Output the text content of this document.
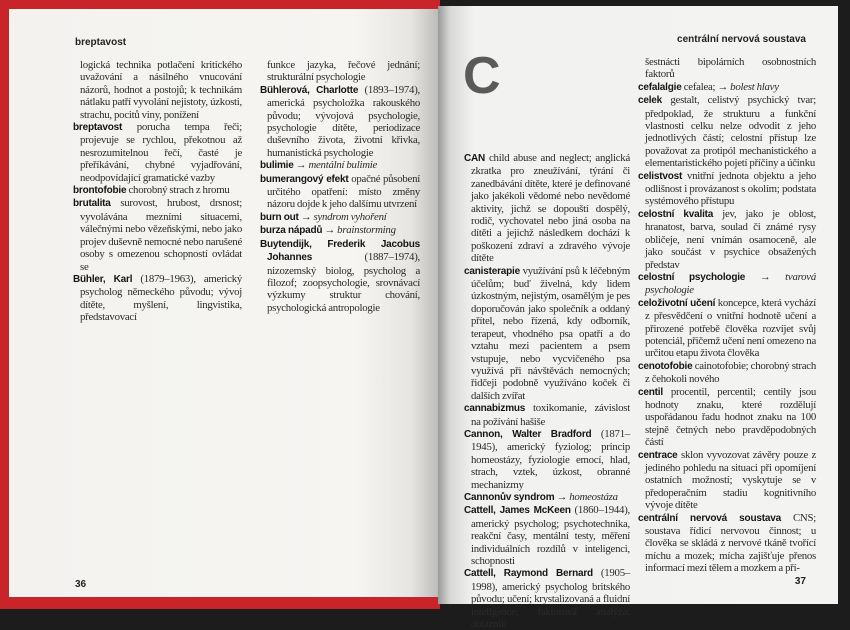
breptavost

logická technika potlačení kritického uvažování a násilného vnucování názorů, hodnot a postojů; k technikám nátlaku patří vyvolání nejistoty, úzkosti, strachu, pocitů viny, ponížení

breptavost porucha tempa řeči; projevuje se rychlou, překotnou až nesrozumitelnou řečí, časté je přeříkávání, chybné vyjadřování, neodpovídající gramatické vazby

brontofobie chorobný strach z hromu

brutalita surovost, hrubost, drsnost; vyvolávána mezními situacemi, válečnými nebo vězeňskými, nebo jako projev duševně nemocné nebo narušené osoby s omezenou schopností ovládat se

Bühler, Karl (1879–1963), americký psycholog německého původu; vývoj dítěte, myšlení, lingvistika, představovací

funkce jazyka, řečové jednání; strukturální psychologie

Bühlerová, Charlotte (1893–1974), americká psycholožka rakouského původu; vývojová psychologie, psychologie dítěte, periodizace duševního života, životní křivka, humanistická psychologie

bulimie → mentální bulimie

bumerangový efekt opačné působení určitého opatření: místo změny názoru dojde k jeho dalšímu utvrzení

burn out → syndrom vyhoření

burza nápadů → brainstorming

Buytendijk, Frederik Jacobus Johannes	(1887–1974), nizozemský biolog, psycholog a filozof; zoopsychologie, srovnávací výzkumy struktur chování, psychologická antropologie

36
C
centrální nervová soustava

CAN child abuse and neglect; anglická zkratka pro zneužívání, týrání či zanedbávání dítěte, které je definované jako jakékoli vědomé nebo nevědomé aktivity, jichž se dopouští dospělý, rodič, vychovatel nebo jiná osoba na dítěti a jejichž následkem dochází k poškození zdraví a zdravého vývoje dítěte

canisterapie využívání psů k léčebným účelům; buď živelná, kdy lidem úzkostným, nejistým, osamělým je pes doporučován jako společník a oddaný přítel, nebo řízená, kdy odborník, terapeut, vhodného psa opatří a do vztahu mezi pacientem a psem vstupuje, nebo vycvičeného psa využívá při návštěvách nemocných; řidčeji podobně využíváno koček či dalších zvířat

cannabizmus toxikomanie, závislost na požívání hašiše

Cannon, Walter Bradford (1871–1945), americký fyziolog; princip homeostázy, fyziologie emocí, hlad, strach, vztek, úzkost, obranné mechanizmy

Cannonův syndrom → homeostáza

Cattell, James McKeen (1860–1944), americký psycholog; psychotechnika, reakční časy, mentální testy, měření individuálních rozdílů v inteligenci, schopnosti

Cattell, Raymond Bernard (1905–1998), americký psycholog britského původu; učení; krystalizovaná a fluidní inteligence; faktorová analýza; dotazník

šestnácti bipolárních osobnostních faktorů

cefalalgie cefalea; → bolest hlavy

celek gestalt, celistvý psychický tvar; předpoklad, že strukturu a funkční vlastnosti celku nelze odvodit z jeho jednotlivých částí; celostní přístup lze považovat za protipól mechanistického a elementaristického pojetí příčiny a účinku

celistvost vnitřní jednota objektu a jeho odlišnost i provázanost s okolím; podstata systémového přístupu

celostní kvalita jev, jako je oblost, hranatost, barva, soulad či známé rysy obličeje, není vnímán osamoceně, ale jako součást v psychice obsažených představ

celostní psychologie → tvarová psychologie

celoživotní učení koncepce, která vychází z přesvědčení o vnitřní hodnotě učení a přirozené potřebě člověka rozvíjet svůj potenciál, přičemž učení není omezeno na určitou etapu života člověka

cenotofobie cainotofobie; chorobný strach z čehokoli nového

centil procentil, percentil; centily jsou hodnoty znaku, které rozdělují uspořádanou řadu hodnot znaku na 100 stejně četných nebo pravděpodobných částí

centrace sklon vyvozovat závěry pouze z jediného pohledu na situaci při opomíjení ostatních možností; vyskytuje se v předoperačním stadiu kognitivního vývoje dítěte

centrální nervová soustava CNS; soustava řídicí nervovou činnost; u člověka se skládá z nervové tkáně tvořící míchu a mozek; mícha zajišťuje přenos informací mezi tělem a mozkem a pří-

37
